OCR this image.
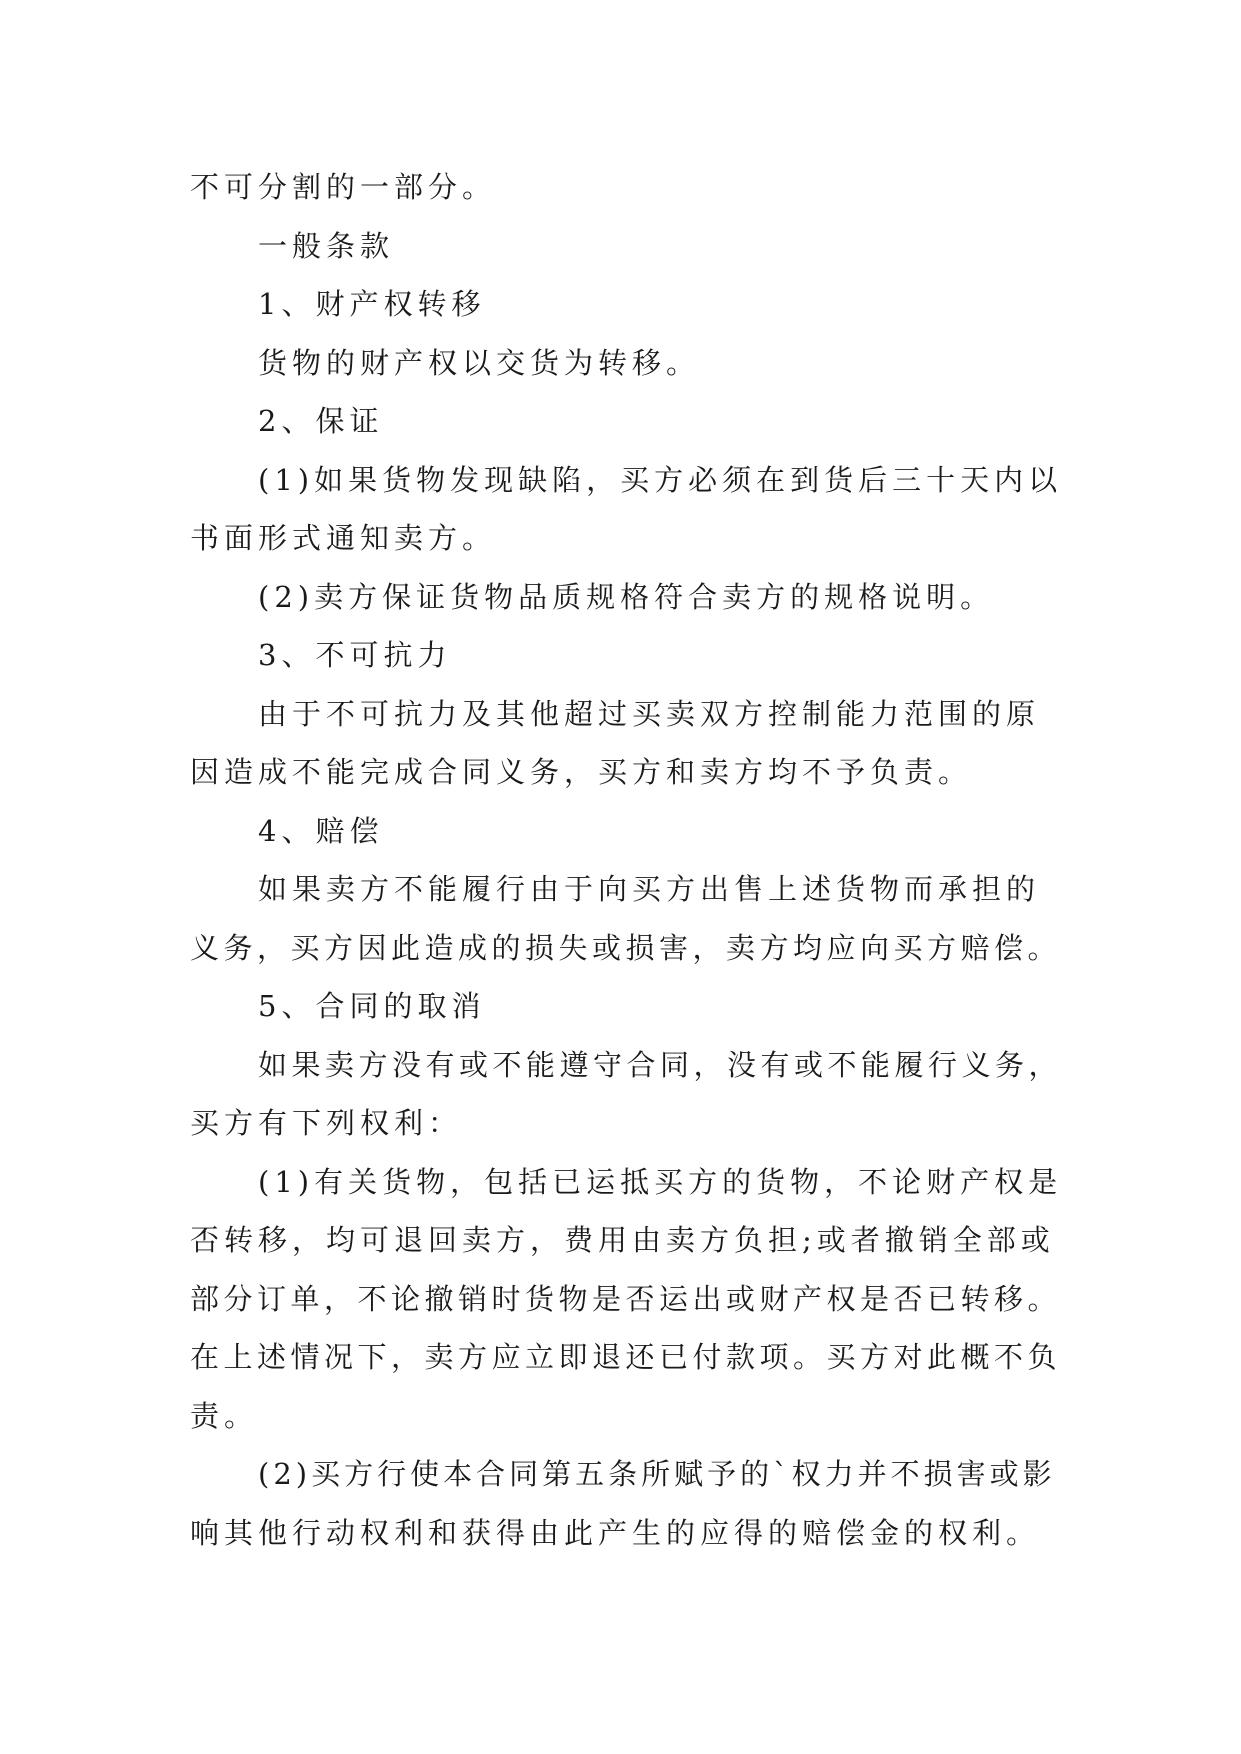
不可分割的一部分。

一般条款

1、财产权转移

货物的财产权以交货为转移。

2、保证

(1)如果货物发现缺陷，买方必须在到货后三十天内以

书面形式通知卖方。

(2)卖方保证货物品质规格符合卖方的规格说明。

3、不可抗力

由于不可抗力及其他超过买卖双方控制能力范围的原

因造成不能完成合同义务，买方和卖方均不予负责。

4、赔偿

如果卖方不能履行由于向买方出售上述货物而承担的

义务，买方因此造成的损失或损害，卖方均应向买方赔偿。

5、合同的取消

如果卖方没有或不能遵守合同，没有或不能履行义务，

买方有下列权利：

(1)有关货物，包括已运抵买方的货物，不论财产权是

否转移，均可退回卖方，费用由卖方负担;或者撤销全部或

部分订单，不论撤销时货物是否运出或财产权是否已转移。

在上述情况下，卖方应立即退还已付款项。买方对此概不负

责。

(2)买方行使本合同第五条所赋予的`权力并不损害或影

响其他行动权利和获得由此产生的应得的赔偿金的权利。
